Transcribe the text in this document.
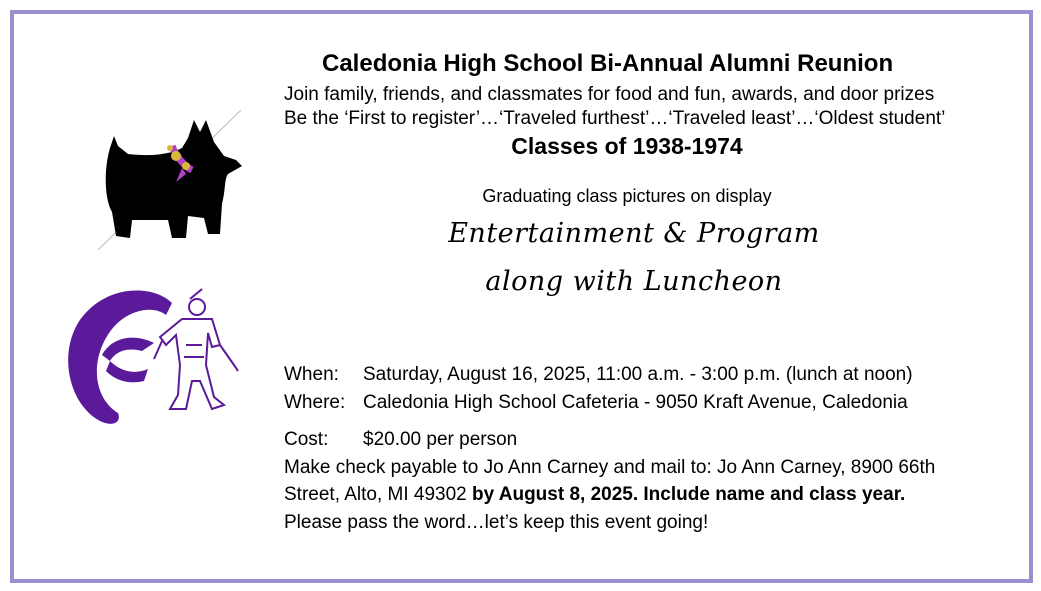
Caledonia High School Bi-Annual Alumni Reunion
Join family, friends, and classmates for food and fun, awards, and door prizes
Be the ‘First to register’…‘Traveled furthest’…‘Traveled least’…‘Oldest student’
Classes of 1938-1974
Graduating class pictures on display
Entertainment & Program
along with Luncheon
When: Saturday, August 16, 2025, 11:00 a.m. - 3:00 p.m. (lunch at noon)
Where: Caledonia High School Cafeteria - 9050 Kraft Avenue, Caledonia
Cost: $20.00 per person
Make check payable to Jo Ann Carney and mail to: Jo Ann Carney, 8900 66th
Street, Alto, MI 49302 by August 8, 2025. Include name and class year.
Please pass the word…let’s keep this event going!
